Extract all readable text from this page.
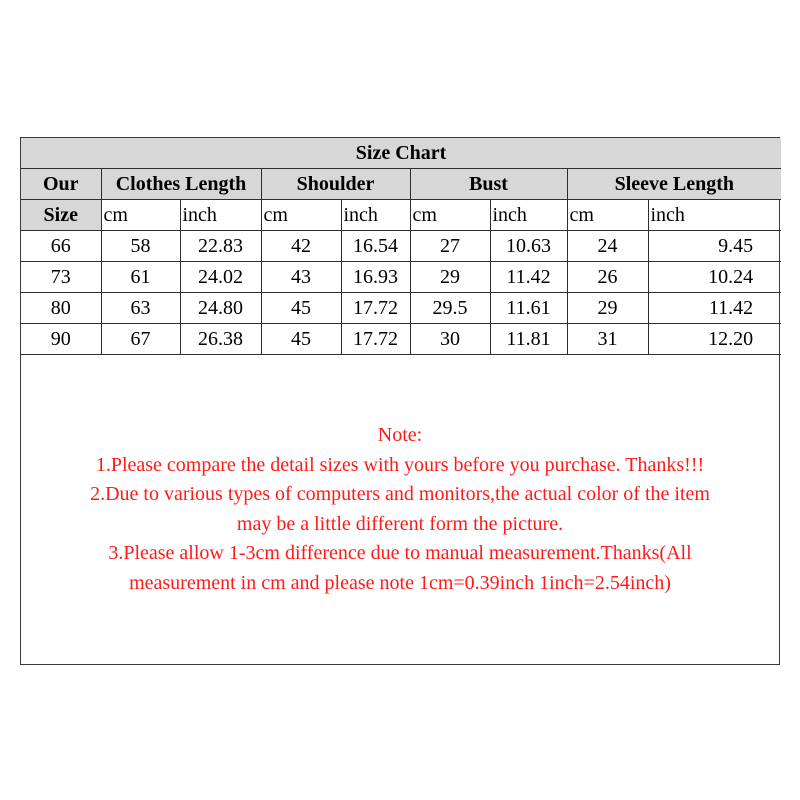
Size Chart								
Our	Clothes Length		Shoulder		Bust		Sleeve Length	
Size	cm	inch	cm	inch	cm	inch	cm	inch
66	58	22.83	42	16.54	27	10.63	24	9.45
73	61	24.02	43	16.93	29	11.42	26	10.24
80	63	24.80	45	17.72	29.5	11.61	29	11.42
90	67	26.38	45	17.72	30	11.81	31	12.20
Note:
1.Please compare the detail sizes with yours before you purchase. Thanks!!!
2.Due to various types of computers and monitors,the actual color of the item
may be a little different form the picture.
3.Please allow 1-3cm difference due to manual measurement.Thanks(All
measurement in cm and please note 1cm=0.39inch 1inch=2.54inch)
